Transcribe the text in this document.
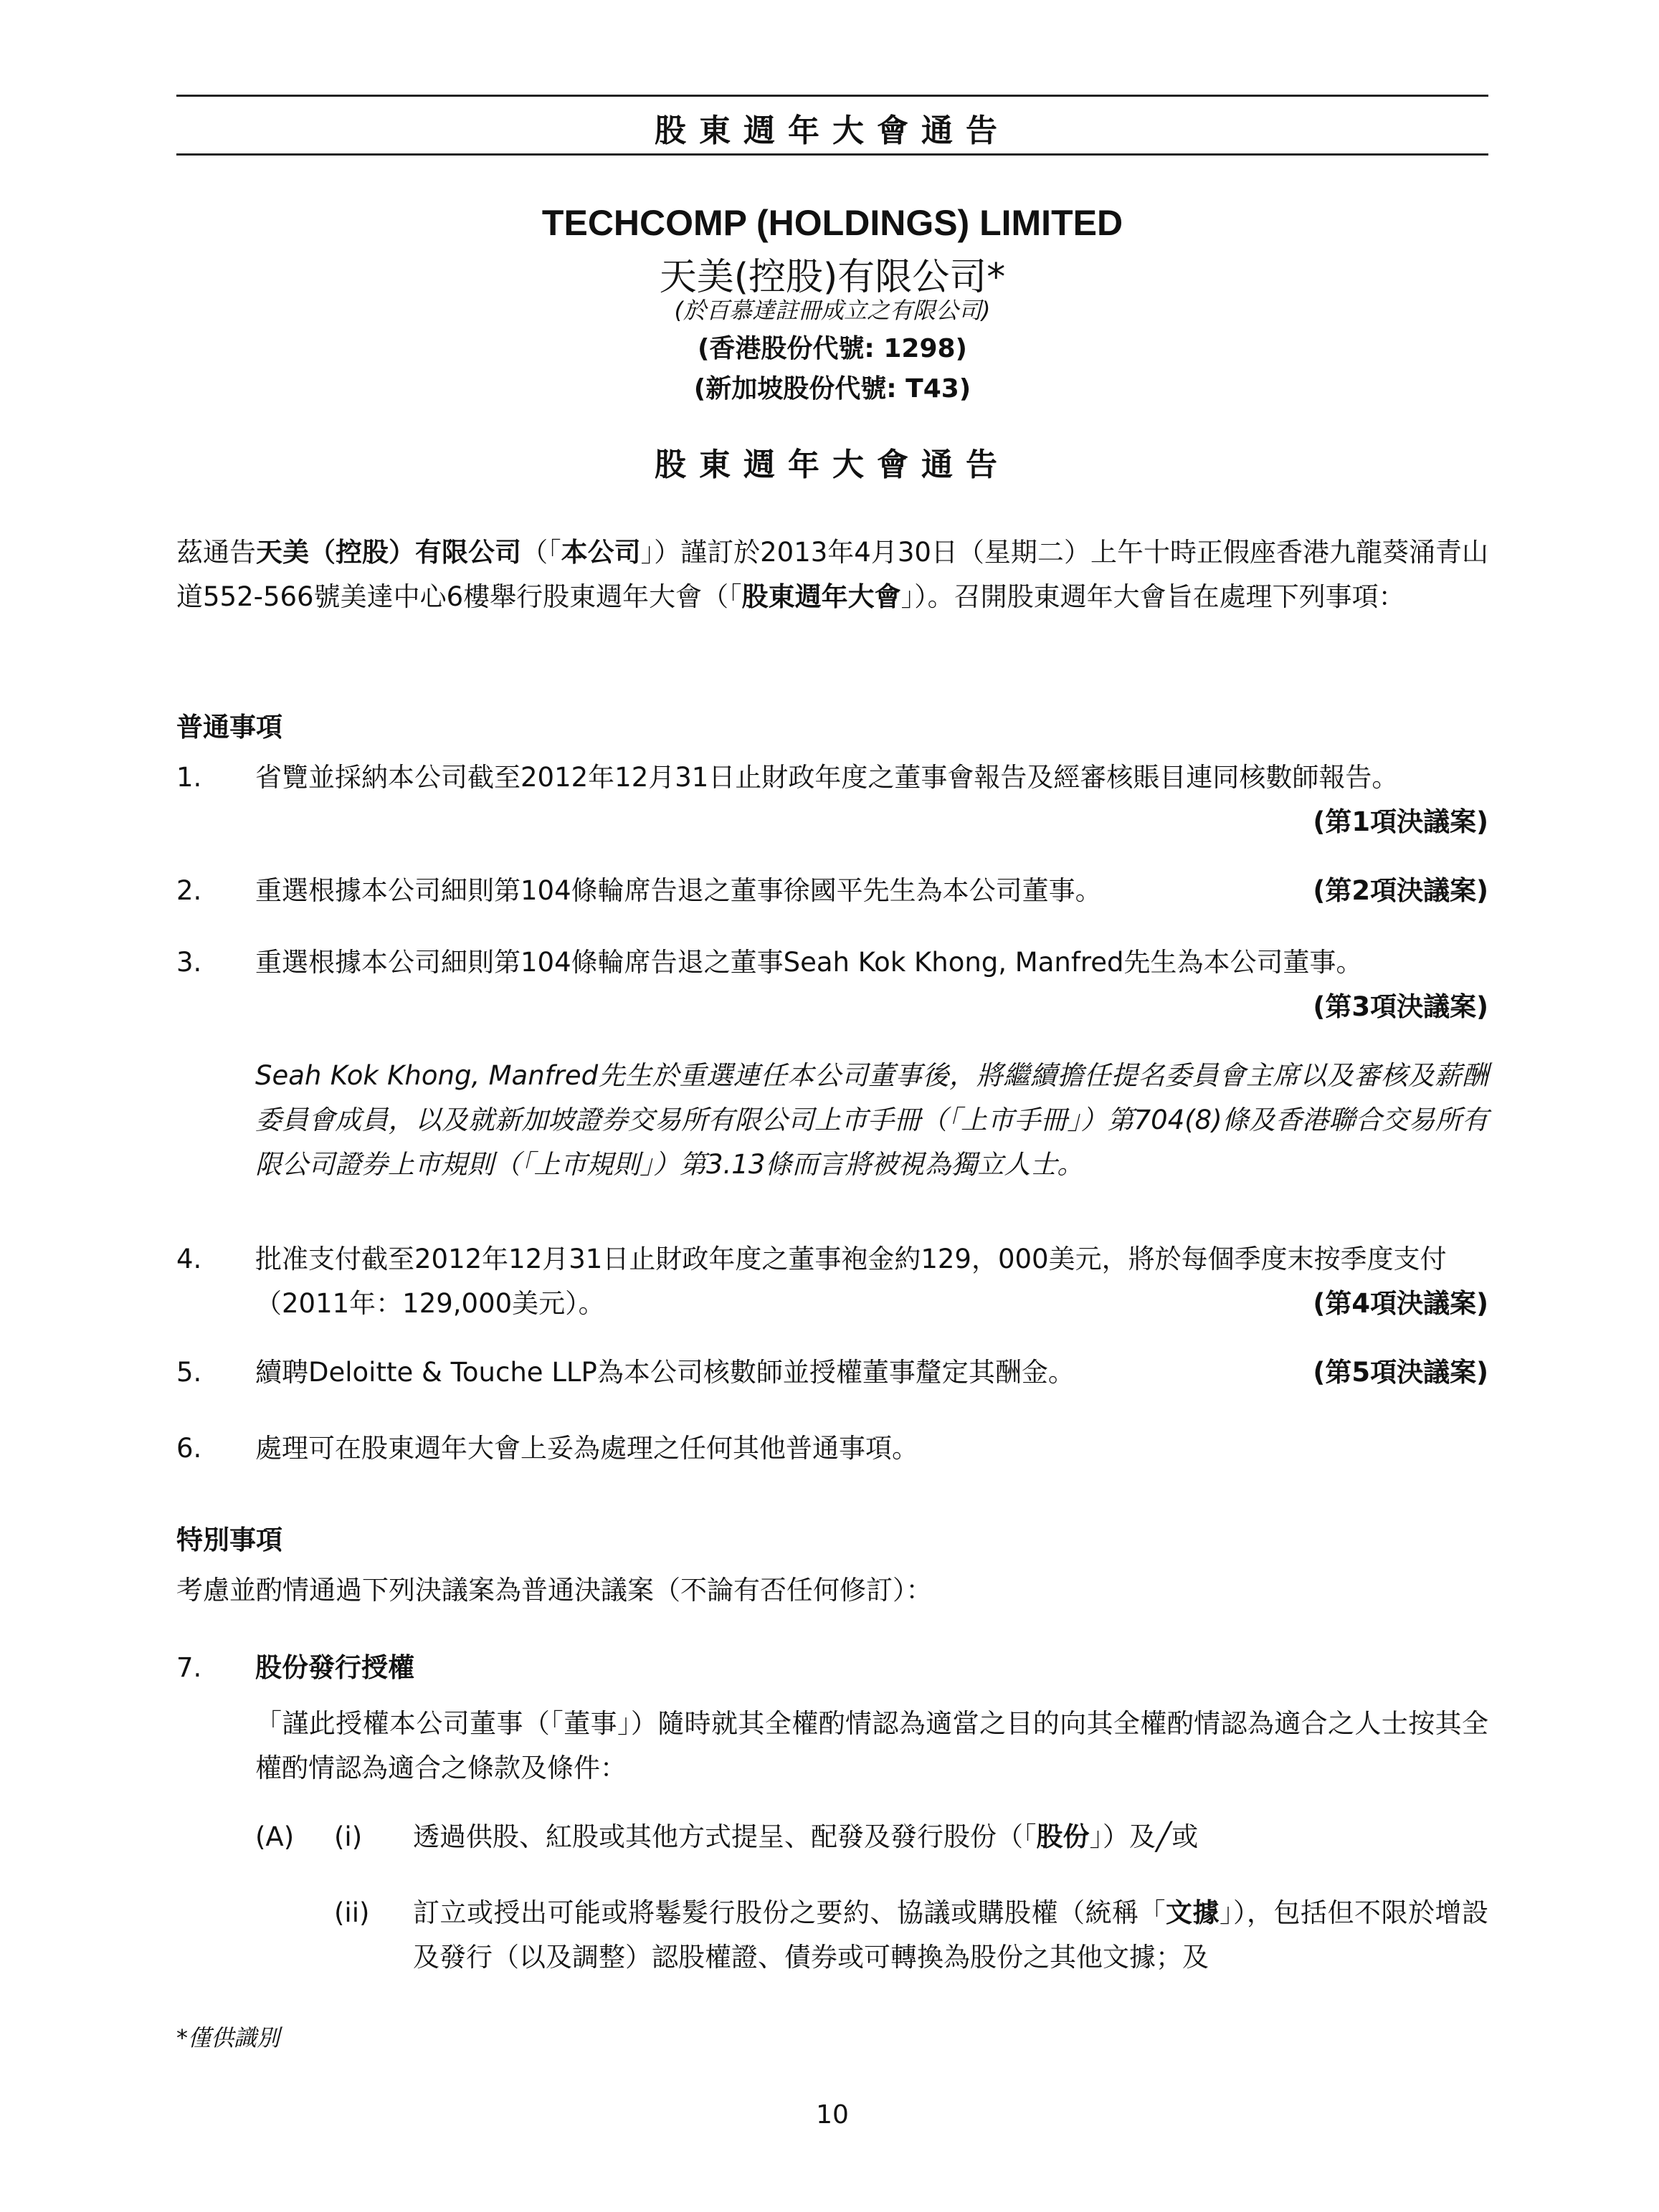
股東週年大會通告
TECHCOMP (HOLDINGS) LIMITED
天美(控股)有限公司*
(於百慕達註冊成立之有限公司)
(香港股份代號: 1298)
(新加坡股份代號: T43)
股東週年大會通告
茲通告天美（控股）有限公司（「本公司」）謹訂於2013年4月30日（星期二）上午十時正假座香港九龍葵涌青山道552-566號美達中心6樓舉行股東週年大會（「股東週年大會」）。召開股東週年大會旨在處理下列事項：
普通事項
1. 省覽並採納本公司截至2012年12月31日止財政年度之董事會報告及經審核賬目連同核數師報告。
(第1項決議案)
2. 重選根據本公司細則第104條輪席告退之董事徐國平先生為本公司董事。	(第2項決議案)
3. 重選根據本公司細則第104條輪席告退之董事Seah Kok Khong, Manfred先生為本公司董事。
(第3項決議案)
Seah Kok Khong, Manfred先生於重選連任本公司董事後，將繼續擔任提名委員會主席以及審核及薪酬委員會成員，以及就新加坡證券交易所有限公司上市手冊（「上市手冊」）第704(8)條及香港聯合交易所有限公司證券上市規則（「上市規則」）第3.13條而言將被視為獨立人士。
4. 批准支付截至2012年12月31日止財政年度之董事袍金約129，000美元，將於每個季度末按季度支付（2011年：129,000美元）。	(第4項決議案)
5. 續聘Deloitte & Touche LLP為本公司核數師並授權董事釐定其酬金。	(第5項決議案)
6. 處理可在股東週年大會上妥為處理之任何其他普通事項。
特別事項
考慮並酌情通過下列決議案為普通決議案（不論有否任何修訂）：
7. 股份發行授權
「謹此授權本公司董事（「董事」）隨時就其全權酌情認為適當之目的向其全權酌情認為適合之人士按其全權酌情認為適合之條款及條件：
(A) (i) 透過供股、紅股或其他方式提呈、配發及發行股份（「股份」）及╱或
(ii) 訂立或授出可能或將鬈髮行股份之要約、協議或購股權（統稱「文據」），包括但不限於增設及發行（以及調整）認股權證、債券或可轉換為股份之其他文據；及
*僅供識別
10
